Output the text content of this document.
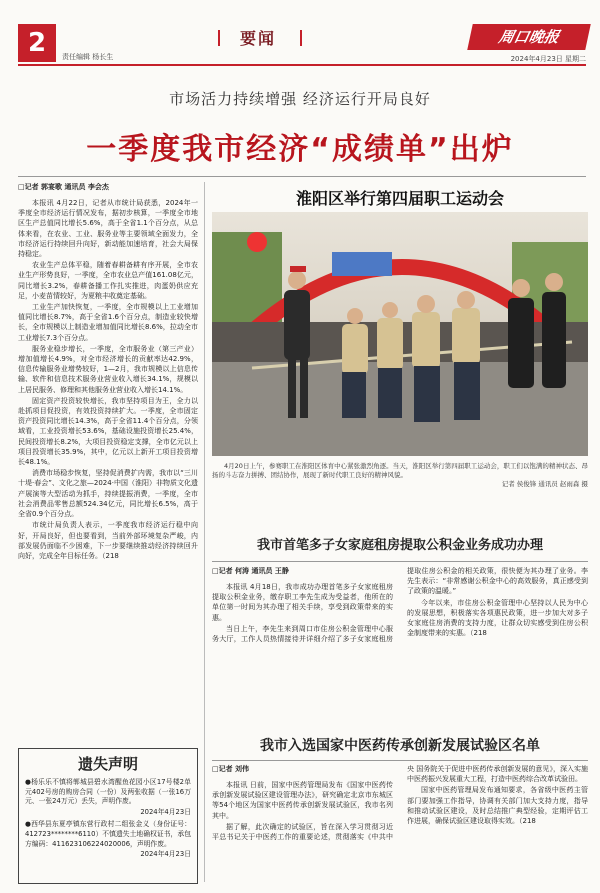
2	责任编辑 杨长生
要闻	周口晚报
2024年4月23日 星期二
市场活力持续增强 经济运行开局良好
一季度我市经济“成绩单”出炉
□记者 郭宴歌 通讯员 李会杰

本报讯 4月22日，记者从市统计局获悉，2024年一季度全市经济运行情况发布，据初步核算，一季度全市地区生产总值同比增长5.6%，高于全省1.1个百分点，从总体来看，在农业、工业、服务业等主要领域全面发力，全市经济运行持续回升向好，新动能加速培育，社会大局保持稳定。

农业生产总体平稳，随着春耕备耕有序开展，全市农业生产形势良好，一季度，全市农业总产值161.08亿元，同比增长3.2%，春耕备播工作扎实推进，肉蛋奶供应充足，小麦苗情较好，为夏粮丰收奠定基础。

工业生产加快恢复，一季度，全市规模以上工业增加值同比增长8.7%，高于全省1.6个百分点，制造业较快增长，全市规模以上制造业增加值同比增长8.6%，拉动全市工业增长7.3个百分点。

服务业稳步增长，一季度，全市服务业（第三产业）增加值增长4.9%，对全市经济增长的贡献率达42.9%，信息传输服务业增势较好，1—2月，我市规模以上信息传输、软件和信息技术服务业营业收入增长34.1%，规模以上居民服务、修理和其他服务业营业收入增长14.1%。

固定资产投资较快增长，我市坚持项目为王，全力以赴抓项目促投资，有效投资持续扩大。一季度，全市固定资产投资同比增长14.3%，高于全省11.4个百分点，分领域看，工业投资增长53.6%，基础设施投资增长25.4%，民间投资增长8.2%，大项目投资稳定支撑，全市亿元以上项目投资增长35.9%，其中，亿元以上新开工项目投资增长48.1%。

消费市场稳步恢复，坚持促消费扩内需，我市以“三川十堤·春会”、文化之旅—2024·中国（淮阳）非物质文化遗产展演等大型活动为抓手，持续提振消费，一季度，全市社会消费品零售总额524.34亿元，同比增长6.5%，高于全省0.9个百分点。

市统计局负责人表示，一季度我市经济运行稳中向好，开局良好，但也要看到，当前外部环境复杂严峻，内部发展仍面临不少困难，下一步要继续推动经济持续回升向好，完成全年目标任务。（218

遗失声明

●杨乐乐不慎将郸城县碧水湾醒鱼花园小区17号楼2单元402号房的购房合同（一份）及两张收据（一张16万元、一张24万元）丢失，声明作废。

2024年4月23日

●西华县东夏亭镇东营行政村二组张金义（身份证号：412723********6110）不慎遗失土地确权证书，承包方编码：411623106224020006，声明作废。

2024年4月23日
淮阳区举行第四届职工运动会
4月20日上午，参赛职工在淮阳区体育中心紧张激烈角逐。当天，淮阳区举行第四届职工运动会，职工们以饱满的精神状态、昂扬的斗志奋力拼搏、团结协作，展现了新时代职工良好的精神风貌。
记者 侯俊锋 通讯员 赵雨森 摄
我市首笔多子女家庭租房提取公积金业务成功办理
□记者 何涛 通讯员 王静

本报讯 4月18日，我市成功办理首笔多子女家庭租房提取公积金业务，缴存职工李先生成为受益者，他所在的单位第一时间为其办理了相关手续，享受到政策带来的实惠。

当日上午，李先生来到周口市住房公积金管理中心服务大厅，工作人员热情接待并详细介绍了多子女家庭租房提取住房公积金的相关政策，很快便为其办理了业务。李先生表示：“非常感谢公积金中心的高效服务，真正感受到了政策的温暖。”

今年以来，市住房公积金管理中心坚持以人民为中心的发展思想，积极落实各项惠民政策，进一步加大对多子女家庭住房消费的支持力度，让群众切实感受到住房公积金制度带来的实惠。（218

我市入选国家中医药传承创新发展试验区名单
□记者 刘伟

本报讯 日前，国家中医药管理局发布《国家中医药传承创新发展试验区建设管理办法》，研究确定北京市东城区等54个地区为国家中医药传承创新发展试验区，我市名列其中。

据了解，此次确定的试验区，旨在深入学习贯彻习近平总书记关于中医药工作的重要论述，贯彻落实《中共中央 国务院关于促进中医药传承创新发展的意见》，深入实施中医药振兴发展重大工程，打造中医药综合改革试验田。

国家中医药管理局发布通知要求，各省级中医药主管部门要加强工作指导，协调有关部门加大支持力度，指导和推动试验区建设，及时总结推广典型经验，定期评估工作进展，确保试验区建设取得实效。（218
